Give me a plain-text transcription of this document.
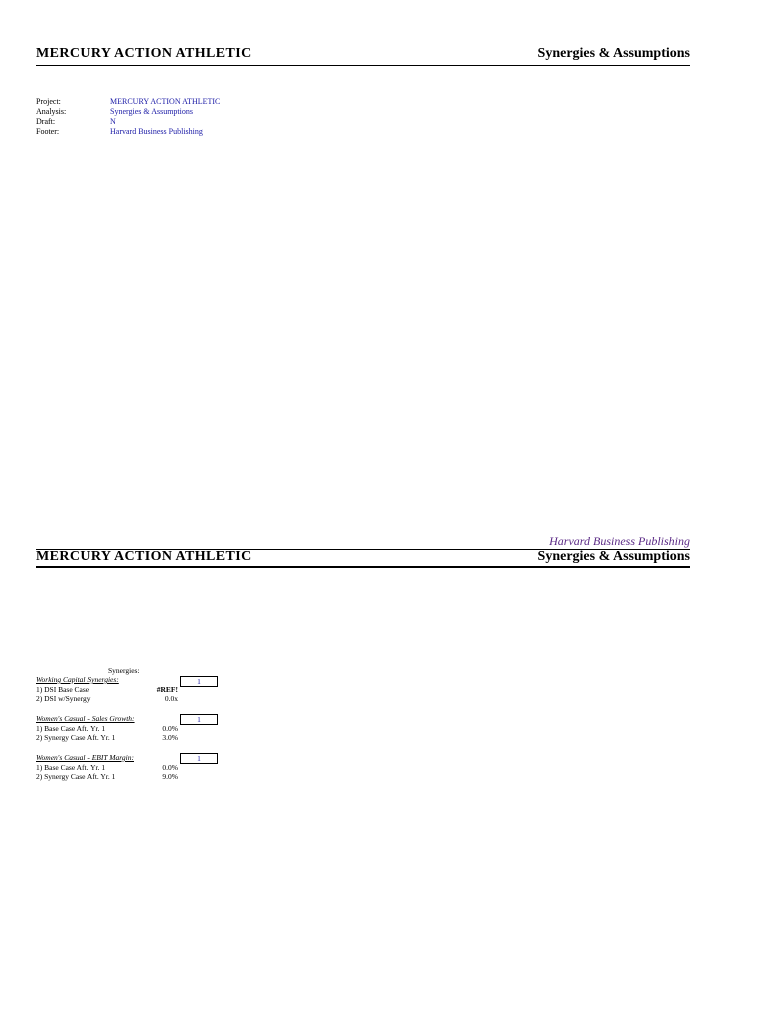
MERCURY ACTION ATHLETIC	Synergies & Assumptions
Project:	MERCURY ACTION ATHLETIC
Analysis:	Synergies & Assumptions
Draft:	N
Footer:	Harvard Business Publishing
Harvard Business Publishing
MERCURY ACTION ATHLETIC	Synergies & Assumptions
Synergies:
Working Capital Synergies:	1
1) DSI Base Case	#REF!
2) DSI w/Synergy	0.0x
Women's Casual - Sales Growth:	1
1) Base Case Aft. Yr. 1	0.0%
2) Synergy Case Aft. Yr. 1	3.0%
Women's Casual - EBIT Margin:	1
1) Base Case Aft. Yr. 1	0.0%
2) Synergy Case Aft. Yr. 1	9.0%
